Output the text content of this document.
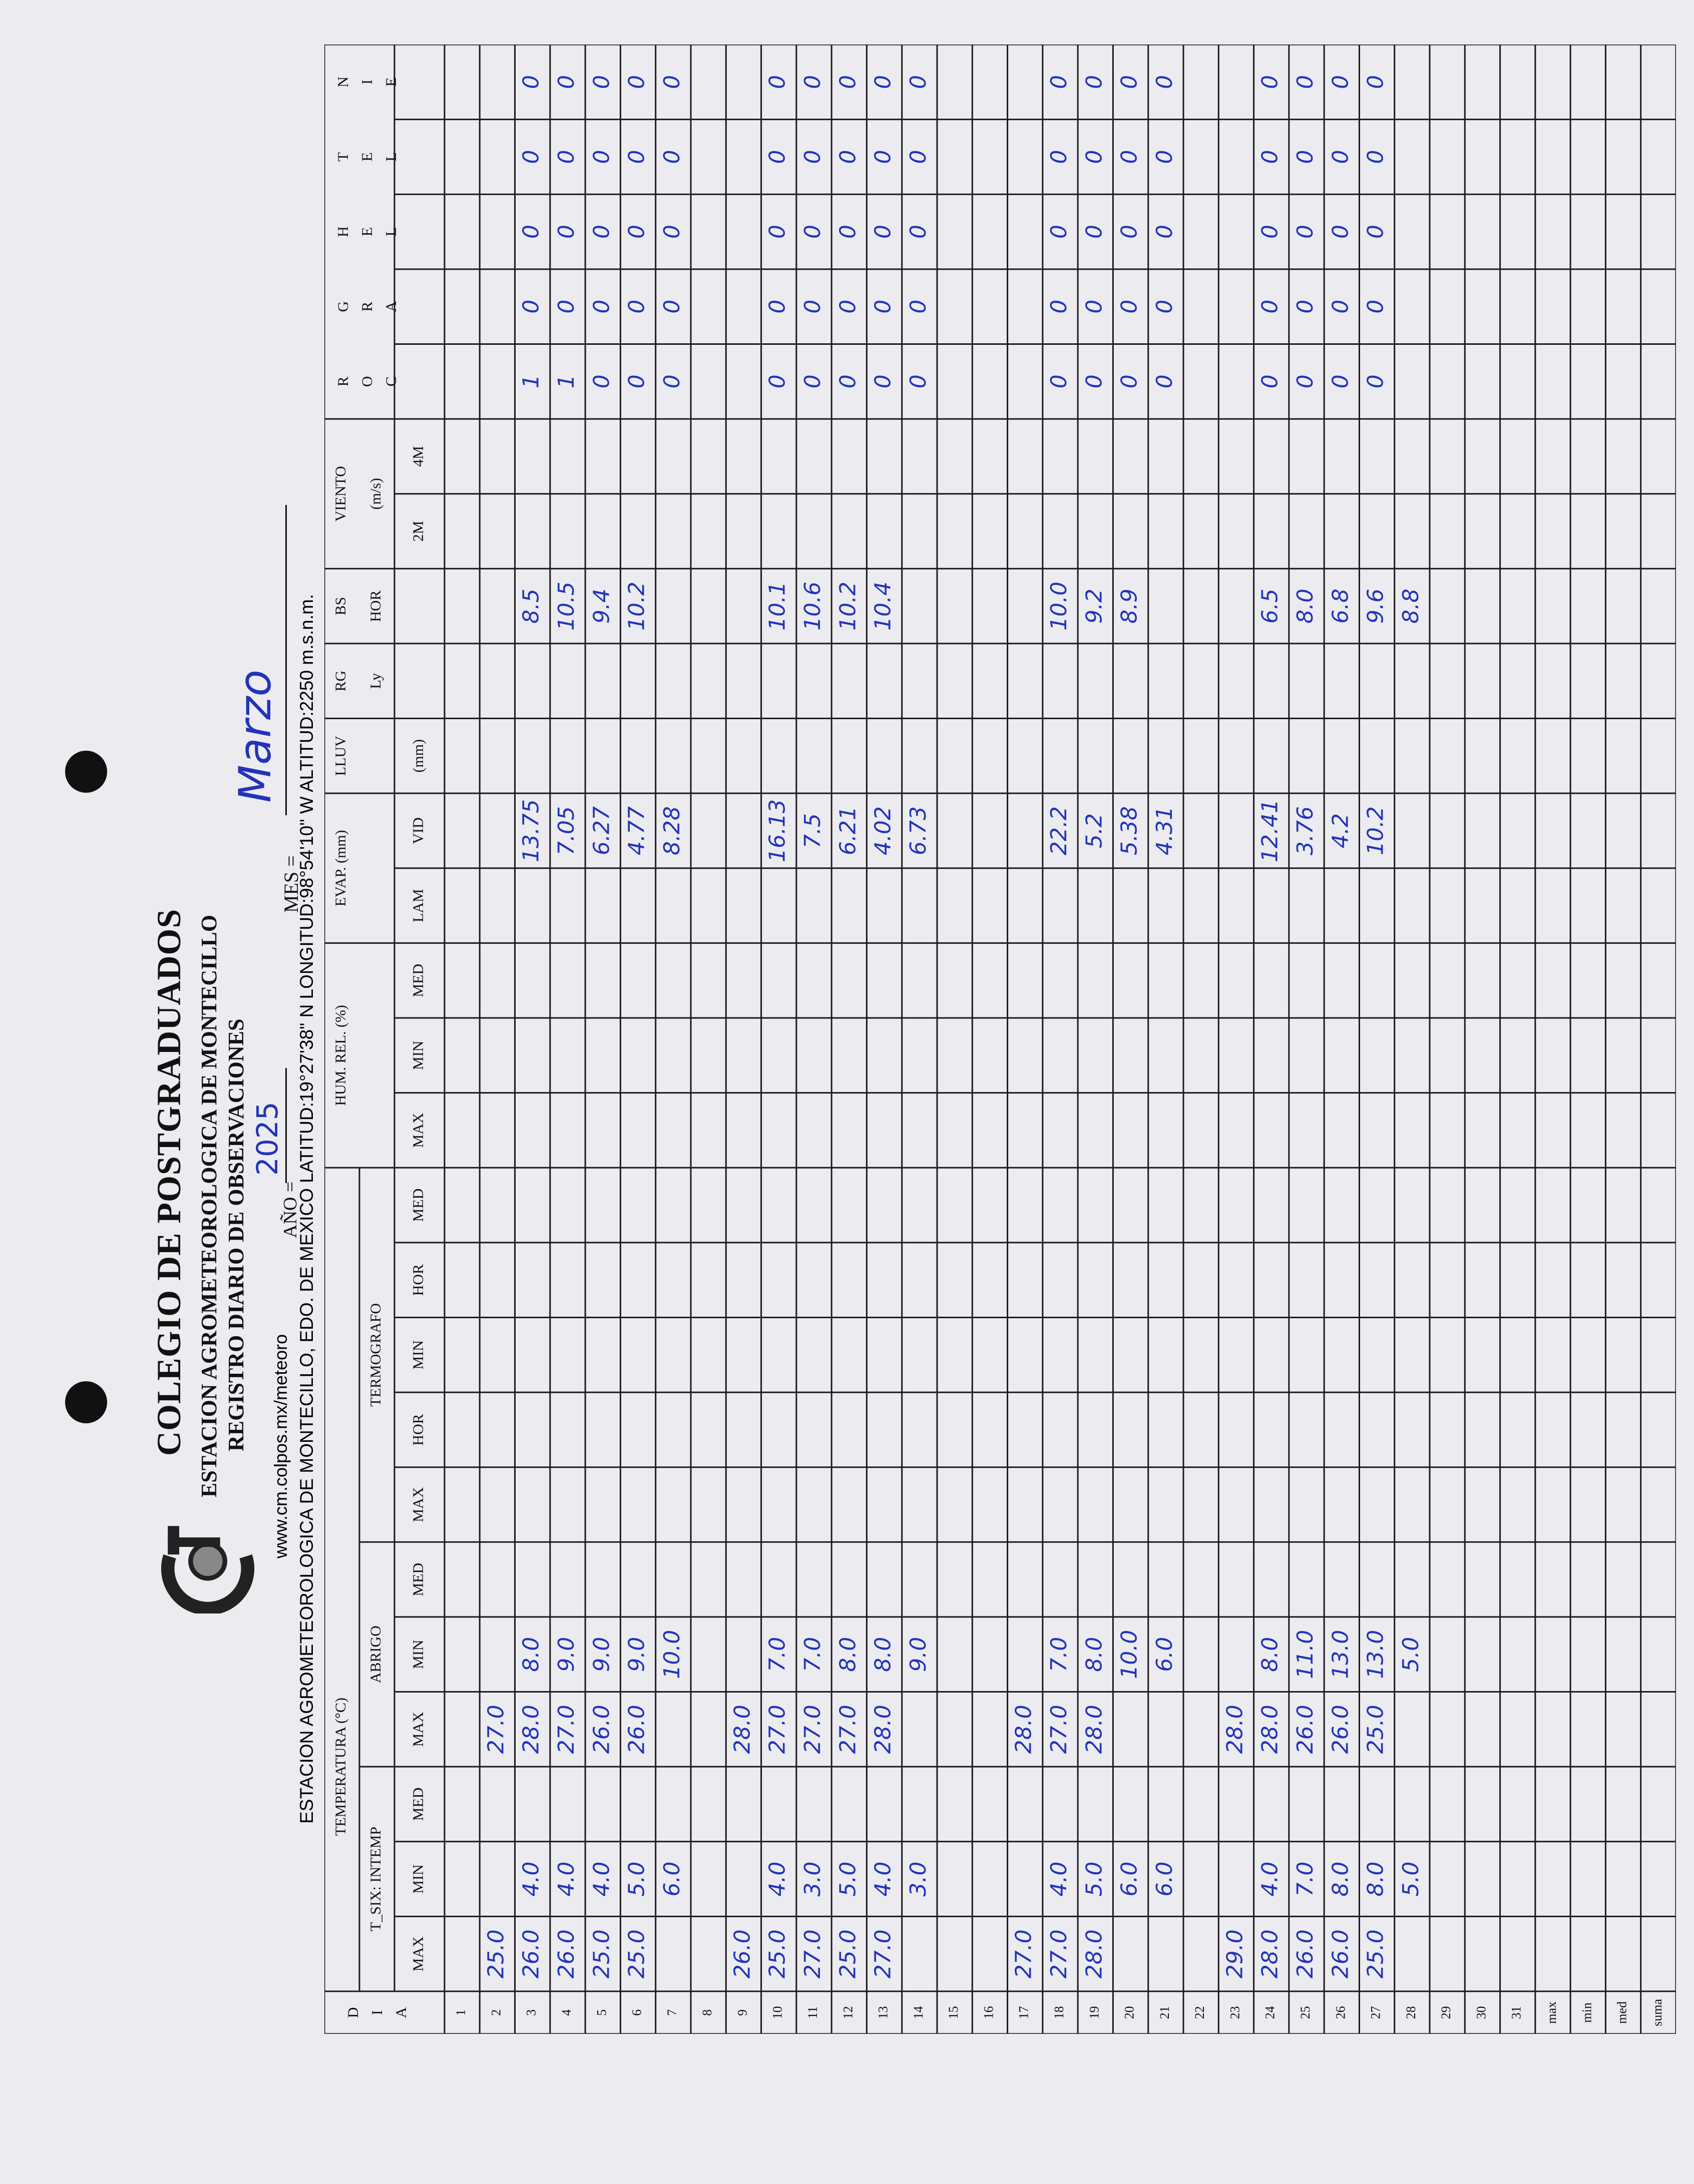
COLEGIO DE POSTGRADUADOS ESTACION AGROMETEOROLOGICA DE MONTECILLO REGISTRO DIARIO DE OBSERVACIONES AÑO =
2025
MES =
Marzo
www.cm.colpos.mx/meteoro ESTACION AGROMETEOROLOGICA DE MONTECILLO, EDO. DE MEXICO LATITUD:19°27'38" N LONGITUD:98°54'10" W ALTITUD:2250 m.s.n.m. TEMPERATURA (°C)
T_SIX: INTEMP
ABRIGO
TERMOGRAFO
HUM. REL. (%)
EVAP. (mm)
LLUV
RG
BS
VIENTO
(mm)
Ly
HOR
(m/s)
R O C
G R A
H E L
T E L
N I E
D I A
MAX
MIN
MED
MAX
MIN
MED
MAX
HOR
MIN
HOR
MED
MAX
MIN
MED
LAM
VID
2M
4M
1 2
25.0
27.0
3
26.0
4.0
28.0
8.0
13.75
8.5
1
0
0
0
0
4
26.0
4.0
27.0
9.0
7.05
10.5
1
0
0
0
0
5
25.0
4.0
26.0
9.0
6.27
9.4
0
0
0
0
0
6
25.0
5.0
26.0
9.0
4.77
10.2
0
0
0
0
0
7
6.0
10.0
8.28
0
0
0
0
0
8 9
26.0
28.0
10
25.0
4.0
27.0
7.0
16.13
10.1
0
0
0
0
0
11
27.0
3.0
27.0
7.0
7.5
10.6
0
0
0
0
0
12
25.0
5.0
27.0
8.0
6.21
10.2
0
0
0
0
0
13
27.0
4.0
28.0
8.0
4.02
10.4
0
0
0
0
0
14
3.0
9.0
6.73
0
0
0
0
0
15 16 17
27.0
28.0
18
27.0
4.0
27.0
7.0
22.2
10.0
0
0
0
0
0
19
28.0
5.0
28.0
8.0
5.2
9.2
0
0
0
0
0
20
6.0
10.0
5.38
8.9
0
0
0
0
0
21
6.0
6.0
4.31
0
0
0
0
0
22 23
29.0
28.0
24
28.0
4.0
28.0
8.0
12.41
6.5
0
0
0
0
0
25
26.0
7.0
26.0
11.0
3.76
8.0
0
0
0
0
0
26
26.0
8.0
26.0
13.0
4.2
6.8
0
0
0
0
0
27
25.0
8.0
25.0
13.0
10.2
9.6
0
0
0
0
0
28
5.0
5.0
8.8
29 30 31 max min med suma
